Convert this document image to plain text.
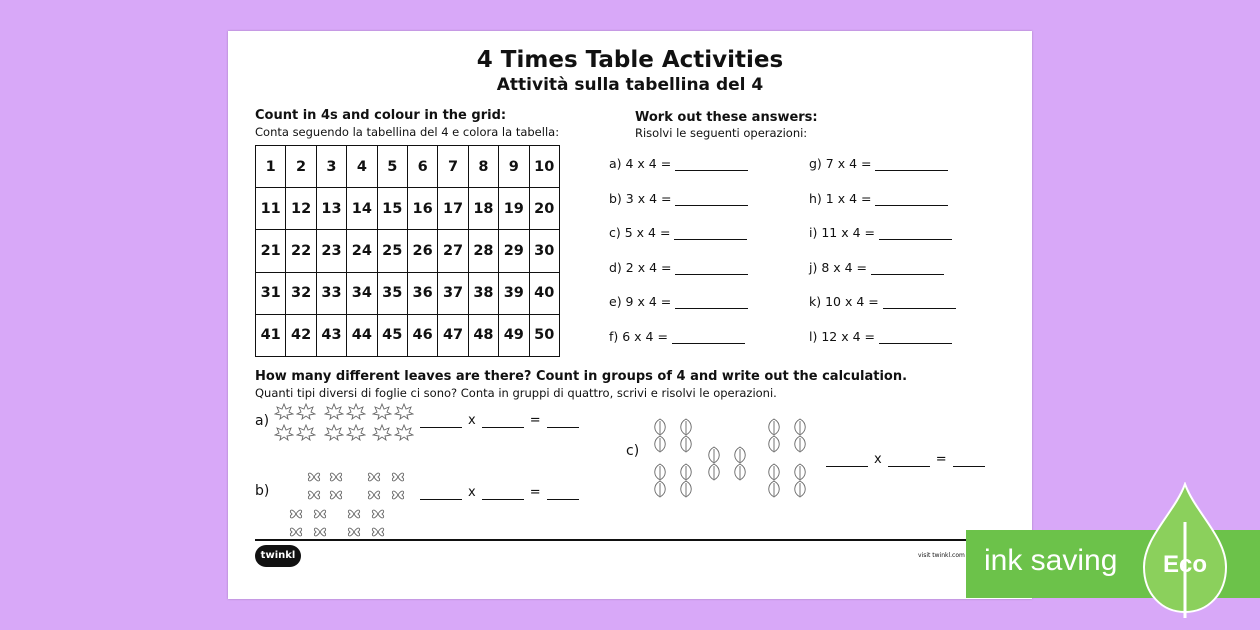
4 Times Table Activities
Attività sulla tabellina del 4
Count in 4s and colour in the grid:
Conta seguendo la tabellina del 4 e colora la tabella:
1	2	3	4	5	6	7	8	9	10
11	12	13	14	15	16	17	18	19	20
21	22	23	24	25	26	27	28	29	30
31	32	33	34	35	36	37	38	39	40
41	42	43	44	45	46	47	48	49	50
Work out these answers:
Risolvi le seguenti operazioni:
a) 4 x 4 =
b) 3 x 4 =
c) 5 x 4 =
d) 2 x 4 =
e) 9 x 4 =
f) 6 x 4 =
g) 7 x 4 =
h) 1 x 4 =
i) 11 x 4 =
j) 8 x 4 =
k) 10 x 4 =
l) 12 x 4 =
How many different leaves are there? Count in groups of 4 and write out the calculation.
Quanti tipi diversi di foglie ci sono? Conta in gruppi di quattro, scrivi e risolvi le operazioni.
a)
b)
c)
x	=
x	=
x	=
twinkl	visit twinkl.com ink saving Eco
